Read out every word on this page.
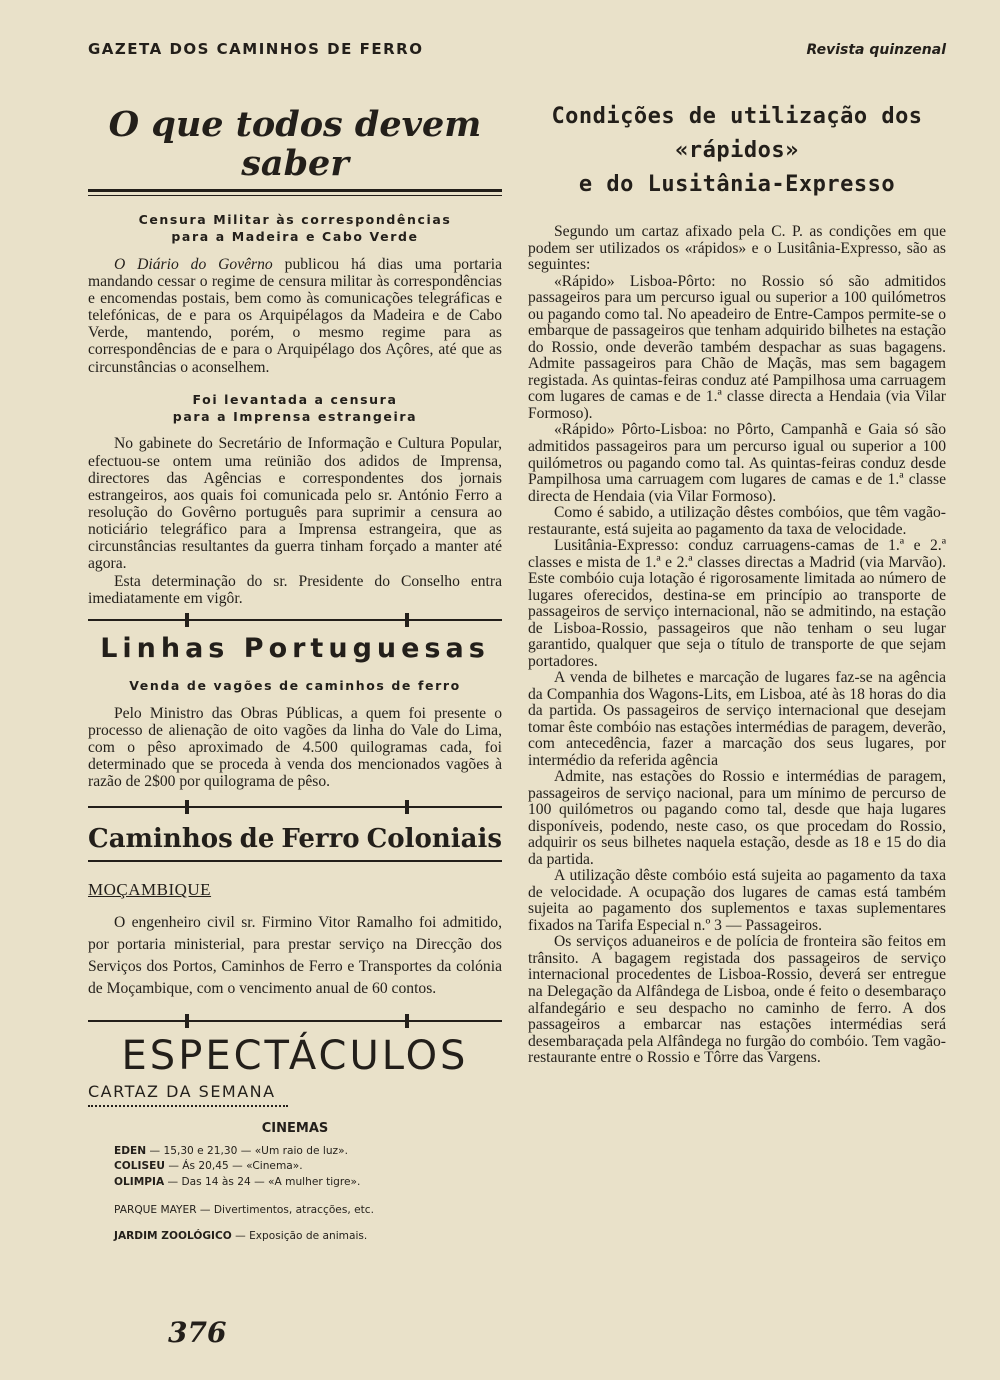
GAZETA DOS CAMINHOS DE FERRO	Revista quinzenal
O que todos devem saber
Censura Militar às correspondências
para a Madeira e Cabo Verde

O Diário do Govêrno publicou há dias uma portaria mandando cessar o regime de censura militar às correspondências e encomendas postais, bem como às comunicações telegráficas e telefónicas, de e para os Arquipélagos da Madeira e de Cabo Verde, mantendo, porém, o mesmo regime para as correspondências de e para o Arquipélago dos Açôres, até que as circunstâncias o aconselhem.

Foi levantada a censura
para a Imprensa estrangeira

No gabinete do Secretário de Informação e Cultura Popular, efectuou-se ontem uma reünião dos adidos de Imprensa, directores das Agências e correspondentes dos jornais estrangeiros, aos quais foi comunicada pelo sr. António Ferro a resolução do Govêrno português para suprimir a censura ao noticiário telegráfico para a Imprensa estrangeira, que as circunstâncias resultantes da guerra tinham forçado a manter até agora.

Esta determinação do sr. Presidente do Conselho entra imediatamente em vigôr.

Linhas Portuguesas
Venda de vagões de caminhos de ferro

Pelo Ministro das Obras Públicas, a quem foi presente o processo de alienação de oito vagões da linha do Vale do Lima, com o pêso aproximado de 4.500 quilogramas cada, foi determinado que se proceda à venda dos mencionados vagões à razão de 2$00 por quilograma de pêso.

Caminhos de Ferro Coloniais
MOÇAMBIQUE

O engenheiro civil sr. Firmino Vitor Ramalho foi admitido, por portaria ministerial, para prestar serviço na Direcção dos Serviços dos Portos, Caminhos de Ferro e Transportes da colónia de Moçambique, com o vencimento anual de 60 contos.

ESPECTÁCULOS
CARTAZ DA SEMANA
CINEMAS
EDEN — 15,30 e 21,30 — «Um raio de luz».
COLISEU — Ás 20,45 — «Cinema».
OLIMPIA — Das 14 às 24 — «A mulher tigre».
PARQUE MAYER — Divertimentos, atracções, etc.
JARDIM ZOOLÓGICO — Exposição de animais.
Condições de utilização dos «rápidos»
e do Lusitânia-Expresso

Segundo um cartaz afixado pela C. P. as condições em que podem ser utilizados os «rápidos» e o Lusitânia-Expresso, são as seguintes:

«Rápido» Lisboa-Pôrto: no Rossio só são admitidos passageiros para um percurso igual ou superior a 100 quilómetros ou pagando como tal. No apeadeiro de Entre-Campos permite-se o embarque de passageiros que tenham adquirido bilhetes na estação do Rossio, onde deverão também despachar as suas bagagens. Admite passageiros para Chão de Maçãs, mas sem bagagem registada. As quintas-feiras conduz até Pampilhosa uma carruagem com lugares de camas e de 1.ª classe directa a Hendaia (via Vilar Formoso).

«Rápido» Pôrto-Lisboa: no Pôrto, Campanhã e Gaia só são admitidos passageiros para um percurso igual ou superior a 100 quilómetros ou pagando como tal. As quintas-feiras conduz desde Pampilhosa uma carruagem com lugares de camas e de 1.ª classe directa de Hendaia (via Vilar Formoso).

Como é sabido, a utilização dêstes combóios, que têm vagão-restaurante, está sujeita ao pagamento da taxa de velocidade.

Lusitânia-Expresso: conduz carruagens-camas de 1.ª e 2.ª classes e mista de 1.ª e 2.ª classes directas a Madrid (via Marvão). Este combóio cuja lotação é rigorosamente limitada ao número de lugares oferecidos, destina-se em princípio ao transporte de passageiros de serviço internacional, não se admitindo, na estação de Lisboa-Rossio, passageiros que não tenham o seu lugar garantido, qualquer que seja o título de transporte de que sejam portadores.

A venda de bilhetes e marcação de lugares faz-se na agência da Companhia dos Wagons-Lits, em Lisboa, até às 18 horas do dia da partida. Os passageiros de serviço internacional que desejam tomar êste combóio nas estações intermédias de paragem, deverão, com antecedência, fazer a marcação dos seus lugares, por intermédio da referida agência

Admite, nas estações do Rossio e intermédias de paragem, passageiros de serviço nacional, para um mínimo de percurso de 100 quilómetros ou pagando como tal, desde que haja lugares disponíveis, podendo, neste caso, os que procedam do Rossio, adquirir os seus bilhetes naquela estação, desde as 18 e 15 do dia da partida.

A utilização dêste combóio está sujeita ao pagamento da taxa de velocidade. A ocupação dos lugares de camas está também sujeita ao pagamento dos suplementos e taxas suplementares fixados na Tarifa Especial n.º 3 — Passageiros.

Os serviços aduaneiros e de polícia de fronteira são feitos em trânsito. A bagagem registada dos passageiros de serviço internacional procedentes de Lisboa-Rossio, deverá ser entregue na Delegação da Alfândega de Lisboa, onde é feito o desembaraço alfandegário e seu despacho no caminho de ferro. A dos passageiros a embarcar nas estações intermédias será desembaraçada pela Alfândega no furgão do combóio. Tem vagão-restaurante entre o Rossio e Tôrre das Vargens.

376
